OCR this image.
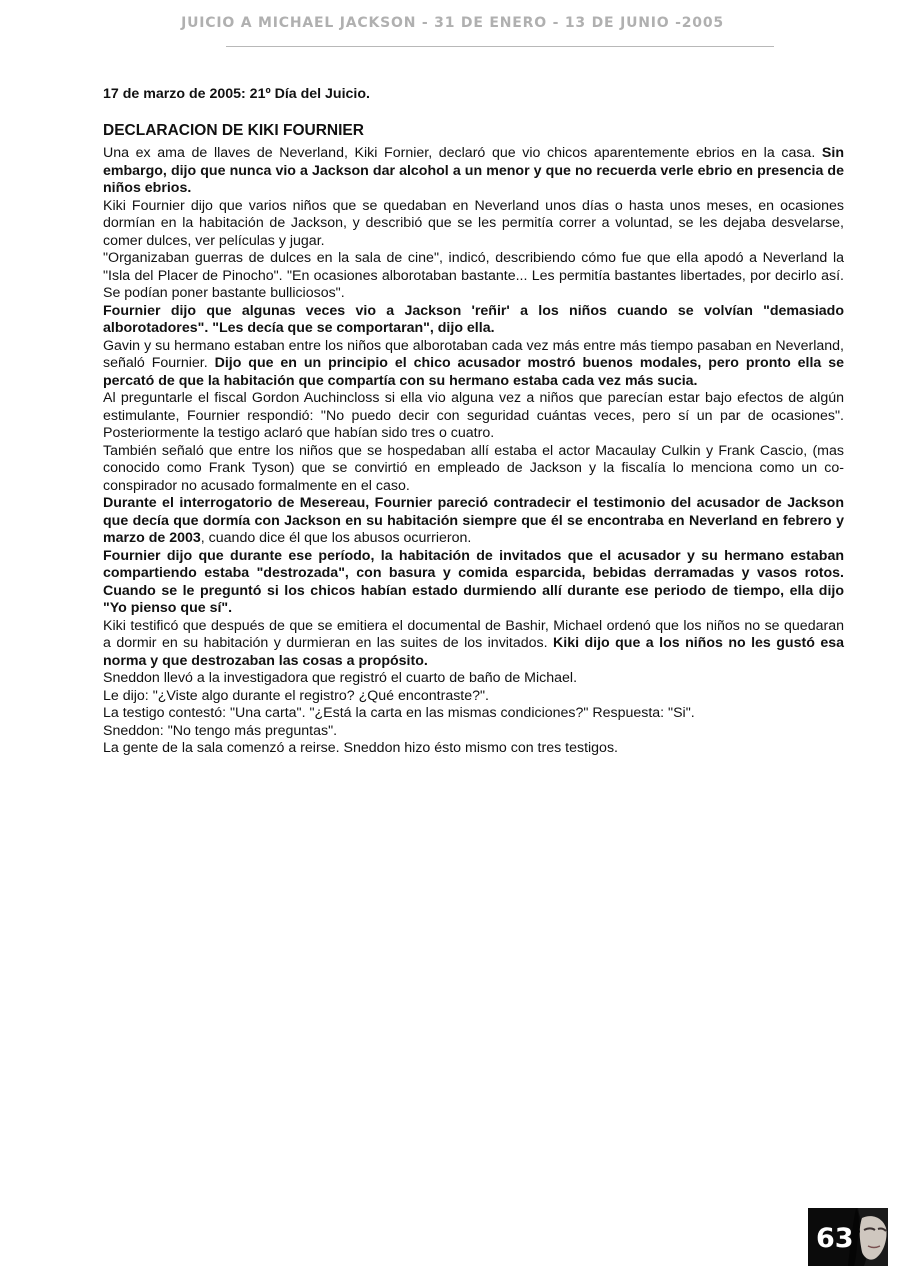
JUICIO A MICHAEL JACKSON - 31 DE ENERO - 13 DE JUNIO -2005
17 de marzo de 2005: 21º Día del Juicio.
DECLARACION DE KIKI FOURNIER

Una ex ama de llaves de Neverland, Kiki Fornier, declaró que vio chicos aparentemente ebrios en la casa. Sin embargo, dijo que nunca vio a Jackson dar alcohol a un menor y que no recuerda verle ebrio en presencia de niños ebrios.

Kiki Fournier dijo que varios niños que se quedaban en Neverland unos días o hasta unos meses, en ocasiones dormían en la habitación de Jackson, y describió que se les permitía correr a voluntad, se les dejaba desvelarse, comer dulces, ver películas y jugar.

"Organizaban guerras de dulces en la sala de cine", indicó, describiendo cómo fue que ella apodó a Neverland la "Isla del Placer de Pinocho". "En ocasiones alborotaban bastante... Les permitía bastantes libertades, por decirlo así. Se podían poner bastante bulliciosos".

Fournier dijo que algunas veces vio a Jackson 'reñir' a los niños cuando se volvían "demasiado alborotadores". "Les decía que se comportaran", dijo ella.

Gavin y su hermano estaban entre los niños que alborotaban cada vez más entre más tiempo pasaban en Neverland, señaló Fournier. Dijo que en un principio el chico acusador mostró buenos modales, pero pronto ella se percató de que la habitación que compartía con su hermano estaba cada vez más sucia.

Al preguntarle el fiscal Gordon Auchincloss si ella vio alguna vez a niños que parecían estar bajo efectos de algún estimulante, Fournier respondió: "No puedo decir con seguridad cuántas veces, pero sí un par de ocasiones". Posteriormente la testigo aclaró que habían sido tres o cuatro.

También señaló que entre los niños que se hospedaban allí estaba el actor Macaulay Culkin y Frank Cascio, (mas conocido como Frank Tyson) que se convirtió en empleado de Jackson y la fiscalía lo menciona como un co-conspirador no acusado formalmente en el caso.

Durante el interrogatorio de Mesereau, Fournier pareció contradecir el testimonio del acusador de Jackson que decía que dormía con Jackson en su habitación siempre que él se encontraba en Neverland en febrero y marzo de 2003, cuando dice él que los abusos ocurrieron.

Fournier dijo que durante ese período, la habitación de invitados que el acusador y su hermano estaban compartiendo estaba "destrozada", con basura y comida esparcida, bebidas derramadas y vasos rotos. Cuando se le preguntó si los chicos habían estado durmiendo allí durante ese periodo de tiempo, ella dijo "Yo pienso que sí".

Kiki testificó que después de que se emitiera el documental de Bashir, Michael ordenó que los niños no se quedaran a dormir en su habitación y durmieran en las suites de los invitados. Kiki dijo que a los niños no les gustó esa norma y que destrozaban las cosas a propósito.

Sneddon llevó a la investigadora que registró el cuarto de baño de Michael.

Le dijo: "¿Viste algo durante el registro? ¿Qué encontraste?".

La testigo contestó: "Una carta". "¿Está la carta en las mismas condiciones?" Respuesta: "Si".

Sneddon: "No tengo más preguntas".

La gente de la sala comenzó a reirse. Sneddon hizo ésto mismo con tres testigos.

63
